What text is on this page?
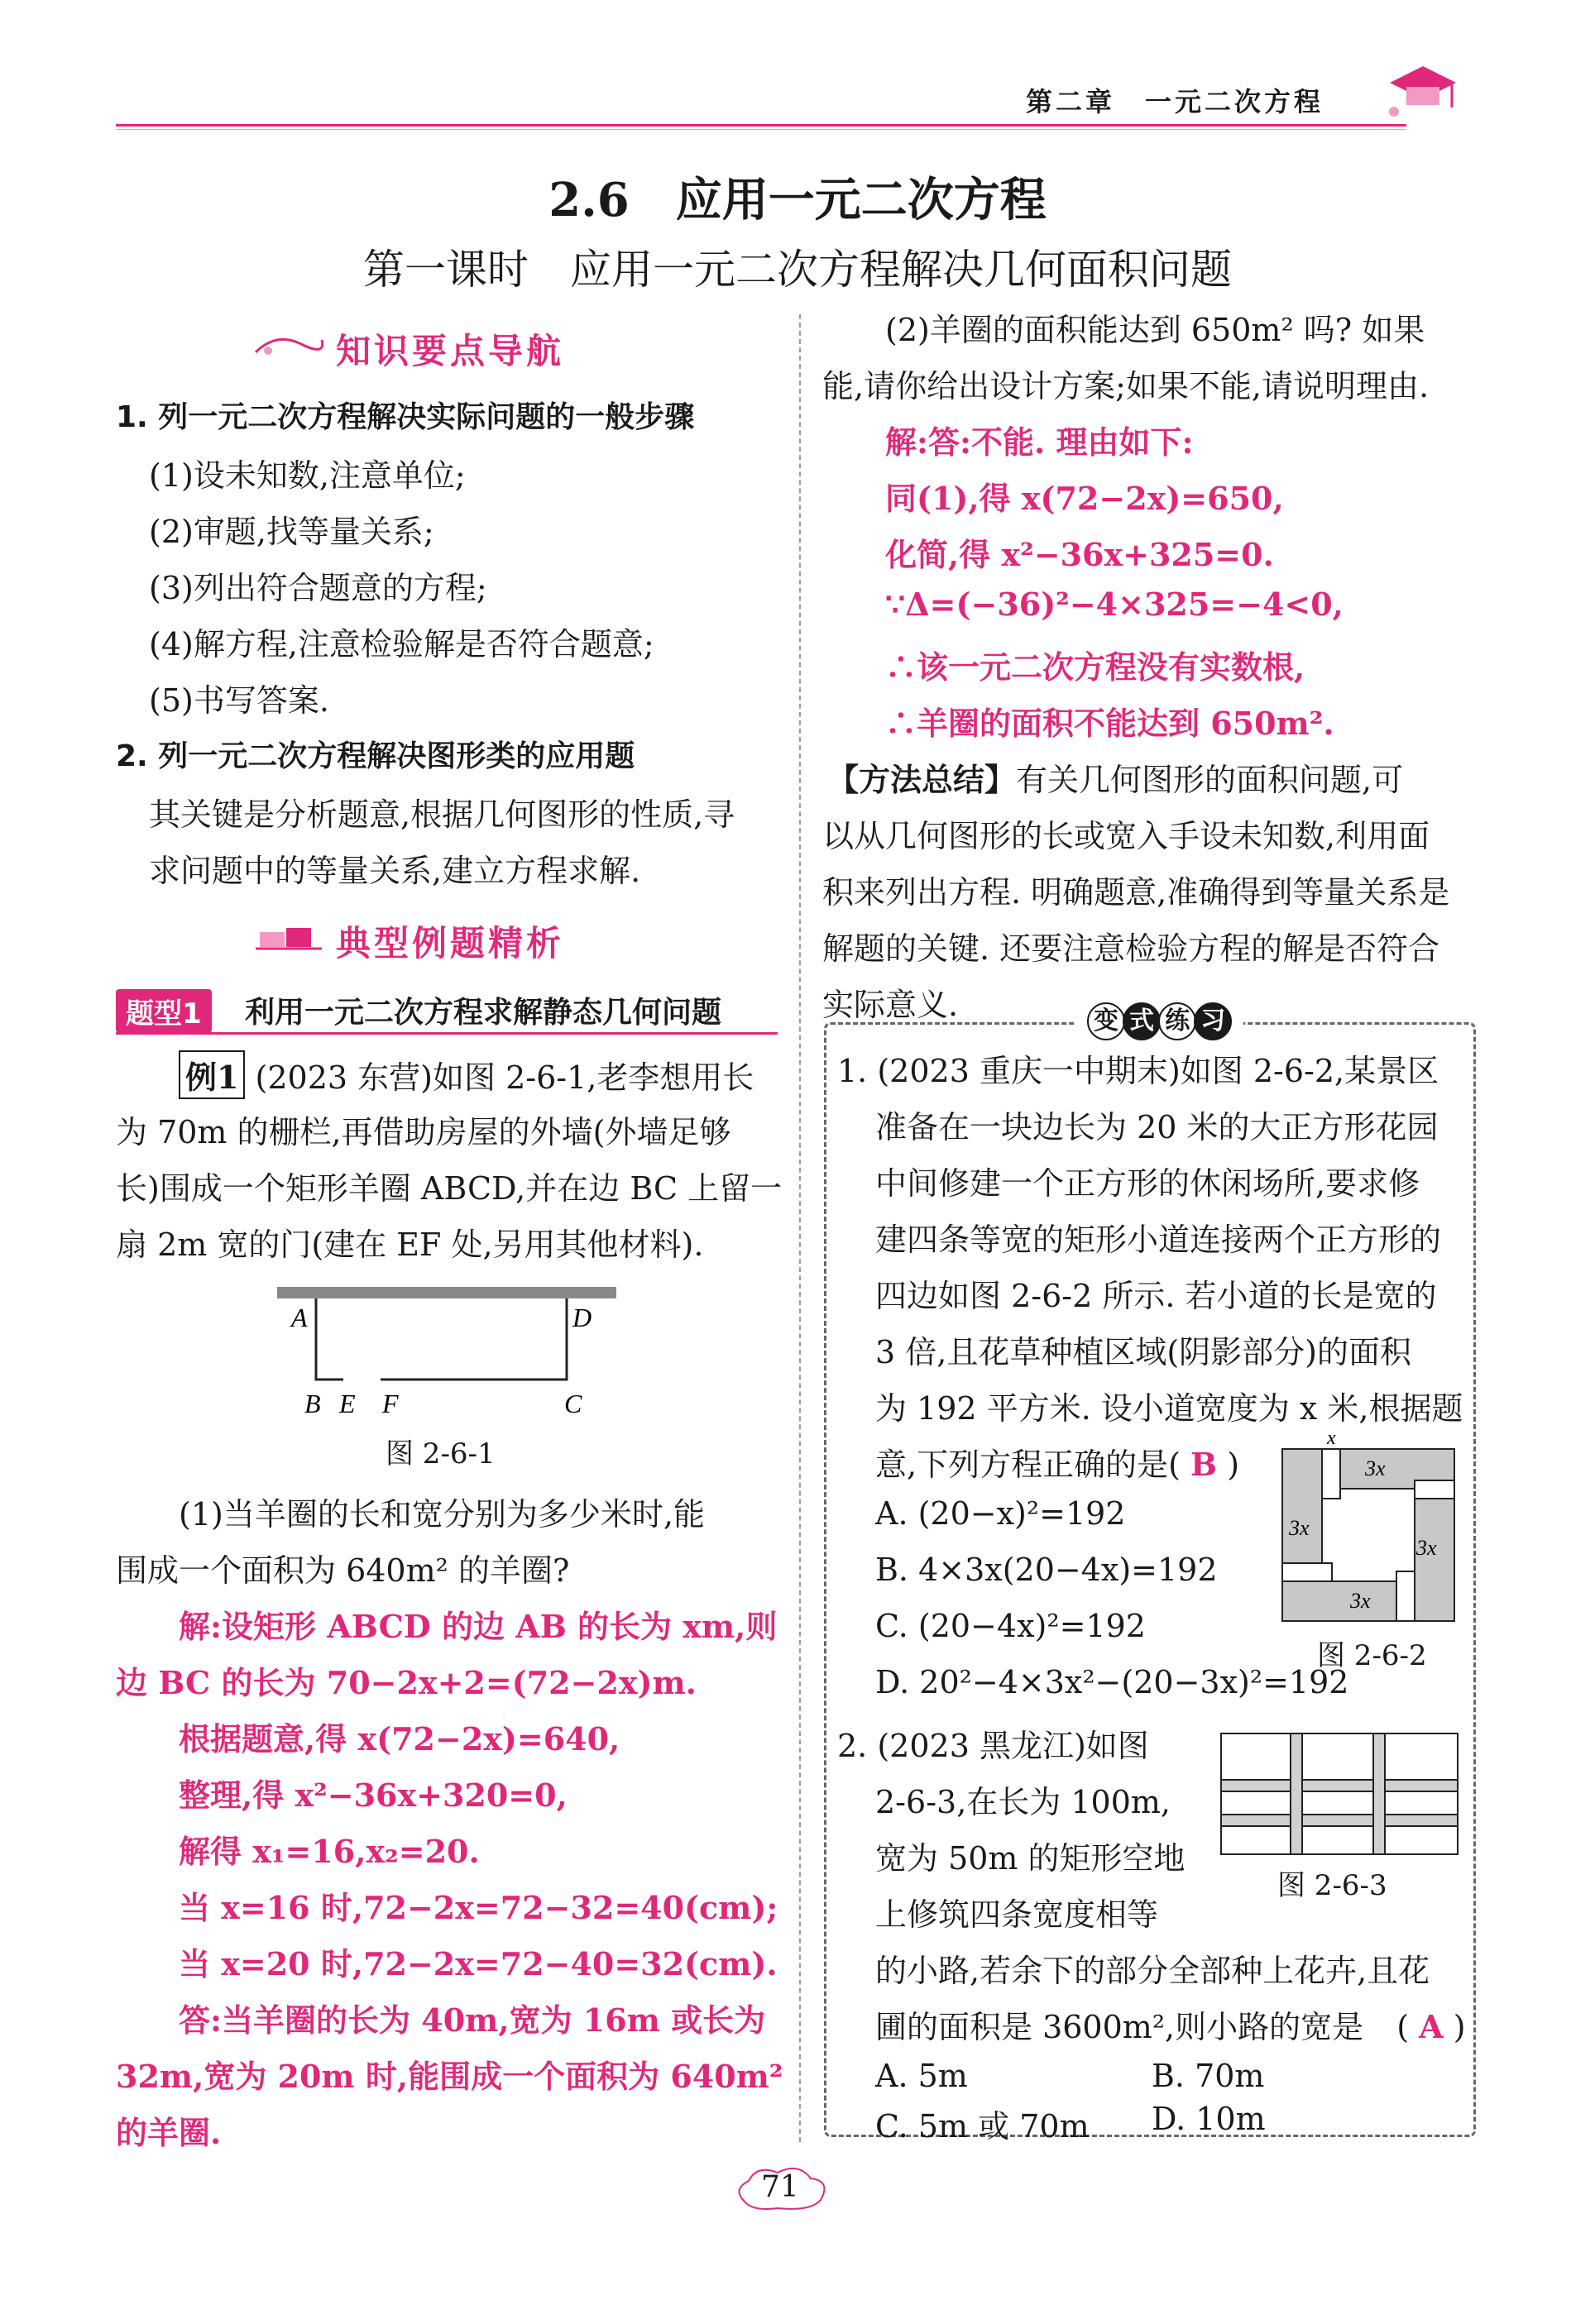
第二章　一元二次方程
2.6　应用一元二次方程
第一课时　应用一元二次方程解决几何面积问题
知识要点导航
1. 列一元二次方程解决实际问题的一般步骤
(1)设未知数,注意单位;
(2)审题,找等量关系;
(3)列出符合题意的方程;
(4)解方程,注意检验解是否符合题意;
(5)书写答案.
2. 列一元二次方程解决图形类的应用题
其关键是分析题意,根据几何图形的性质,寻
求问题中的等量关系,建立方程求解.
典型例题精析
题型1	利用一元二次方程求解静态几何问题
例1 (2023 东营)如图 2-6-1,老李想用长
为 70m 的栅栏,再借助房屋的外墙(外墙足够
长)围成一个矩形羊圈 ABCD,并在边 BC 上留一
扇 2m 宽的门(建在 EF 处,另用其他材料).
A	D
B E F	C
图 2-6-1
(1)当羊圈的长和宽分别为多少米时,能
围成一个面积为 640m² 的羊圈?
解:设矩形 ABCD 的边 AB 的长为 xm,则
边 BC 的长为 70−2x+2=(72−2x)m.
根据题意,得 x(72−2x)=640,
整理,得 x²−36x+320=0,
解得 x₁=16,x₂=20.
当 x=16 时,72−2x=72−32=40(cm);
当 x=20 时,72−2x=72−40=32(cm).
答:当羊圈的长为 40m,宽为 16m 或长为
32m,宽为 20m 时,能围成一个面积为 640m²
的羊圈.
(2)羊圈的面积能达到 650m² 吗? 如果
能,请你给出设计方案;如果不能,请说明理由.
解:答:不能. 理由如下:
同(1),得 x(72−2x)=650,
化简,得 x²−36x+325=0.
∵Δ=(−36)²−4×325=−4<0,
∴该一元二次方程没有实数根,
∴羊圈的面积不能达到 650m².
【方法总结】有关几何图形的面积问题,可
以从几何图形的长或宽入手设未知数,利用面
积来列出方程. 明确题意,准确得到等量关系是
解题的关键. 还要注意检验方程的解是否符合
实际意义.	变 式 练 习
1. (2023 重庆一中期末)如图 2-6-2,某景区
准备在一块边长为 20 米的大正方形花园
中间修建一个正方形的休闲场所,要求修
建四条等宽的矩形小道连接两个正方形的
四边如图 2-6-2 所示. 若小道的长是宽的
3 倍,且花草种植区域(阴影部分)的面积
为 192 平方米. 设小道宽度为 x 米,根据题
意,下列方程正确的是( B )
A. (20−x)²=192
B. 4×3x(20−4x)=192
C. (20−4x)²=192
D. 20²−4×3x²−(20−3x)²=192
x
3x
3x
3x
3x
图 2-6-2
2. (2023 黑龙江)如图
2-6-3,在长为 100m,
宽为 50m 的矩形空地
上修筑四条宽度相等
的小路,若余下的部分全部种上花卉,且花
圃的面积是 3600m²,则小路的宽是 ( A )
A. 5m	B. 70m
C. 5m 或 70m D. 10m
图 2-6-3
71
